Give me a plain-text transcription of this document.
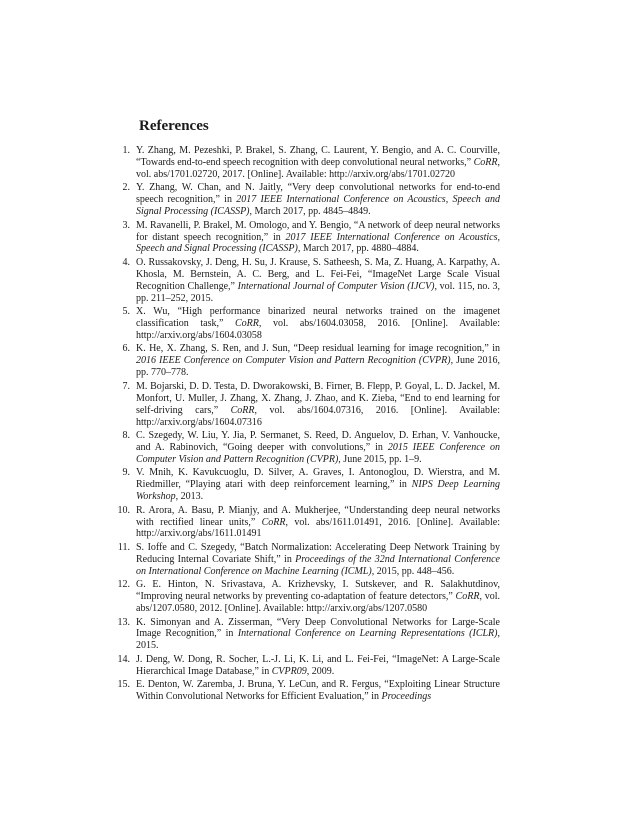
References
1. Y. Zhang, M. Pezeshki, P. Brakel, S. Zhang, C. Laurent, Y. Bengio, and A. C. Courville, “Towards end-to-end speech recognition with deep convolutional neural networks,” CoRR, vol. abs/1701.02720, 2017. [Online]. Available: http://arxiv.org/abs/1701.02720
2. Y. Zhang, W. Chan, and N. Jaitly, “Very deep convolutional networks for end-to-end speech recognition,” in 2017 IEEE International Conference on Acoustics, Speech and Signal Processing (ICASSP), March 2017, pp. 4845–4849.
3. M. Ravanelli, P. Brakel, M. Omologo, and Y. Bengio, “A network of deep neural networks for distant speech recognition,” in 2017 IEEE International Conference on Acoustics, Speech and Signal Processing (ICASSP), March 2017, pp. 4880–4884.
4. O. Russakovsky, J. Deng, H. Su, J. Krause, S. Satheesh, S. Ma, Z. Huang, A. Karpathy, A. Khosla, M. Bernstein, A. C. Berg, and L. Fei-Fei, “ImageNet Large Scale Visual Recognition Challenge,” International Journal of Computer Vision (IJCV), vol. 115, no. 3, pp. 211–252, 2015.
5. X. Wu, “High performance binarized neural networks trained on the imagenet classification task,” CoRR, vol. abs/1604.03058, 2016. [Online]. Available: http://arxiv.org/abs/1604.03058
6. K. He, X. Zhang, S. Ren, and J. Sun, “Deep residual learning for image recognition,” in 2016 IEEE Conference on Computer Vision and Pattern Recognition (CVPR), June 2016, pp. 770–778.
7. M. Bojarski, D. D. Testa, D. Dworakowski, B. Firner, B. Flepp, P. Goyal, L. D. Jackel, M. Monfort, U. Muller, J. Zhang, X. Zhang, J. Zhao, and K. Zieba, “End to end learning for self-driving cars,” CoRR, vol. abs/1604.07316, 2016. [Online]. Available: http://arxiv.org/abs/1604.07316
8. C. Szegedy, W. Liu, Y. Jia, P. Sermanet, S. Reed, D. Anguelov, D. Erhan, V. Vanhoucke, and A. Rabinovich, “Going deeper with convolutions,” in 2015 IEEE Conference on Computer Vision and Pattern Recognition (CVPR), June 2015, pp. 1–9.
9. V. Mnih, K. Kavukcuoglu, D. Silver, A. Graves, I. Antonoglou, D. Wierstra, and M. Riedmiller, “Playing atari with deep reinforcement learning,” in NIPS Deep Learning Workshop, 2013.
10. R. Arora, A. Basu, P. Mianjy, and A. Mukherjee, “Understanding deep neural networks with rectified linear units,” CoRR, vol. abs/1611.01491, 2016. [Online]. Available: http://arxiv.org/abs/1611.01491
11. S. Ioffe and C. Szegedy, “Batch Normalization: Accelerating Deep Network Training by Reducing Internal Covariate Shift,” in Proceedings of the 32nd International Conference on International Conference on Machine Learning (ICML), 2015, pp. 448–456.
12. G. E. Hinton, N. Srivastava, A. Krizhevsky, I. Sutskever, and R. Salakhutdinov, “Improving neural networks by preventing co-adaptation of feature detectors,” CoRR, vol. abs/1207.0580, 2012. [Online]. Available: http://arxiv.org/abs/1207.0580
13. K. Simonyan and A. Zisserman, “Very Deep Convolutional Networks for Large-Scale Image Recognition,” in International Conference on Learning Representations (ICLR), 2015.
14. J. Deng, W. Dong, R. Socher, L.-J. Li, K. Li, and L. Fei-Fei, “ImageNet: A Large-Scale Hierarchical Image Database,” in CVPR09, 2009.
15. E. Denton, W. Zaremba, J. Bruna, Y. LeCun, and R. Fergus, “Exploiting Linear Structure Within Convolutional Networks for Efficient Evaluation,” in Proceedings
